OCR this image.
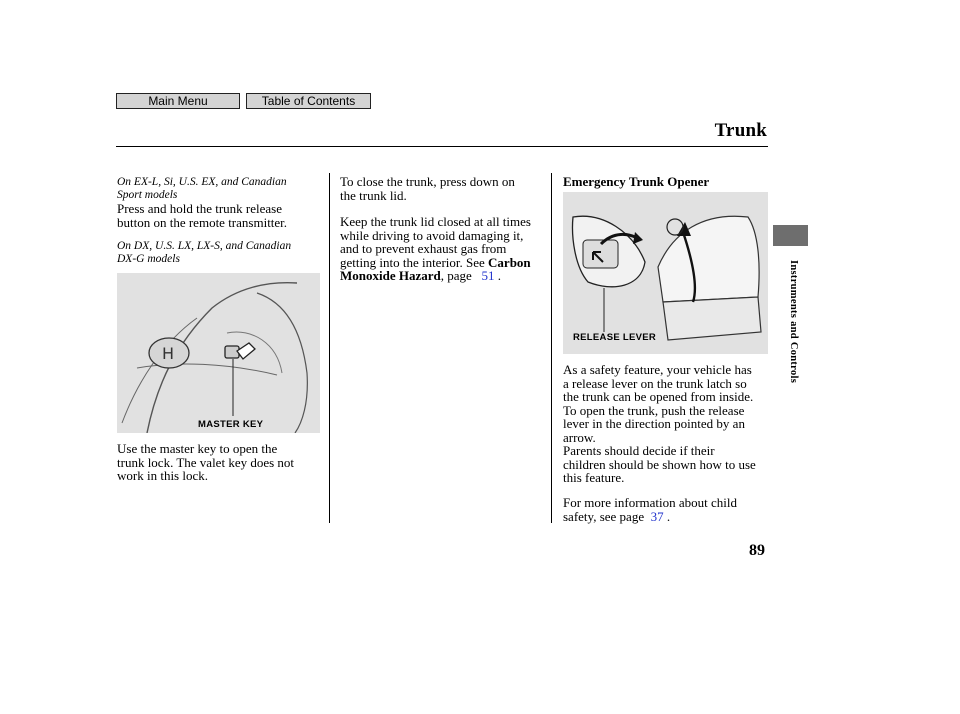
Main Menu	Table of Contents
Trunk
On EX-L, Si, U.S. EX, and Canadian
Sport models
Press and hold the trunk release
button on the remote transmitter.
On DX, U.S. LX, LX-S, and Canadian
DX-G models
H
MASTER KEY
Use the master key to open the
trunk lock. The valet key does not
work in this lock.
To close the trunk, press down on
the trunk lid.
Keep the trunk lid closed at all times
while driving to avoid damaging it,
and to prevent exhaust gas from
getting into the interior. See Carbon
Monoxide Hazard, page 51 .
Emergency Trunk Opener
RELEASE LEVER
As a safety feature, your vehicle has
a release lever on the trunk latch so
the trunk can be opened from inside.
To open the trunk, push the release
lever in the direction pointed by an
arrow.
Parents should decide if their
children should be shown how to use
this feature.
For more information about child
safety, see page 37 .
Instruments and Controls
89
